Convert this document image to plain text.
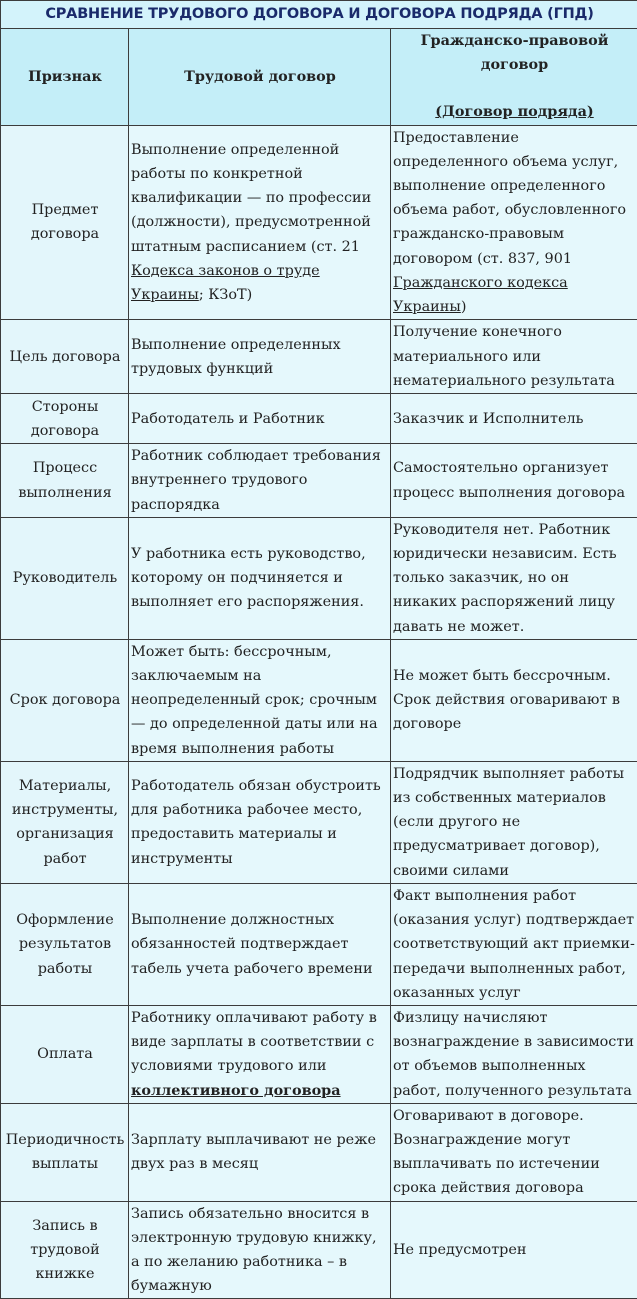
СРАВНЕНИЕ ТРУДОВОГО ДОГОВОРА И ДОГОВОРА ПОДРЯДА (ГПД)		
Признак	Трудовой договор	Гражданско-правовой договор
(Договор подряда)

Предмет договора	Выполнение определенной работы по конкретной квалификации — по профессии (должности), предусмотренной штатным расписанием (ст. 21 Кодекса законов о труде Украины; КЗоТ)	Предоставление определенного объема услуг, выполнение определенного объема работ, обусловленного гражданско-правовым договором (ст. 837, 901 Гражданского кодекса Украины)
Цель договора	Выполнение определенных трудовых функций	Получение конечного материального или нематериального результата
Стороны договора	Работодатель и Работник	Заказчик и Исполнитель
Процесс выполнения	Работник соблюдает требования внутреннего трудового распорядка	Самостоятельно организует процесс выполнения договора
Руководитель	У работника есть руководство, которому он подчиняется и выполняет его распоряжения.	Руководителя нет. Работник юридически независим. Есть только заказчик, но он никаких распоряжений лицу давать не может.
Срок договора	Может быть: бессрочным, заключаемым на неопределенный срок; срочным — до определенной даты или на время выполнения работы	Не может быть бессрочным. Срок действия оговаривают в договоре
Материалы, инструменты, организация работ	Работодатель обязан обустроить для работника рабочее место, предоставить материалы и инструменты	Подрядчик выполняет работы из собственных материалов (если другого не предусматривает договор), своими силами
Оформление результатов работы	Выполнение должностных обязанностей подтверждает табель учета рабочего времени	Факт выполнения работ (оказания услуг) подтверждает соответствующий акт приемки-передачи выполненных работ, оказанных услуг
Оплата	Работнику оплачивают работу в виде зарплаты в соответствии с условиями трудового или коллективного договора	Физлицу начисляют вознаграждение в зависимости от объемов выполненных работ, полученного результата
Периодичность выплаты	Зарплату выплачивают не реже двух раз в месяц	Оговаривают в договоре. Вознаграждение могут выплачивать по истечении срока действия договора
Запись в трудовой книжке	Запись обязательно вносится в электронную трудовую книжку, а по желанию работника – в бумажную	Не предусмотрен
